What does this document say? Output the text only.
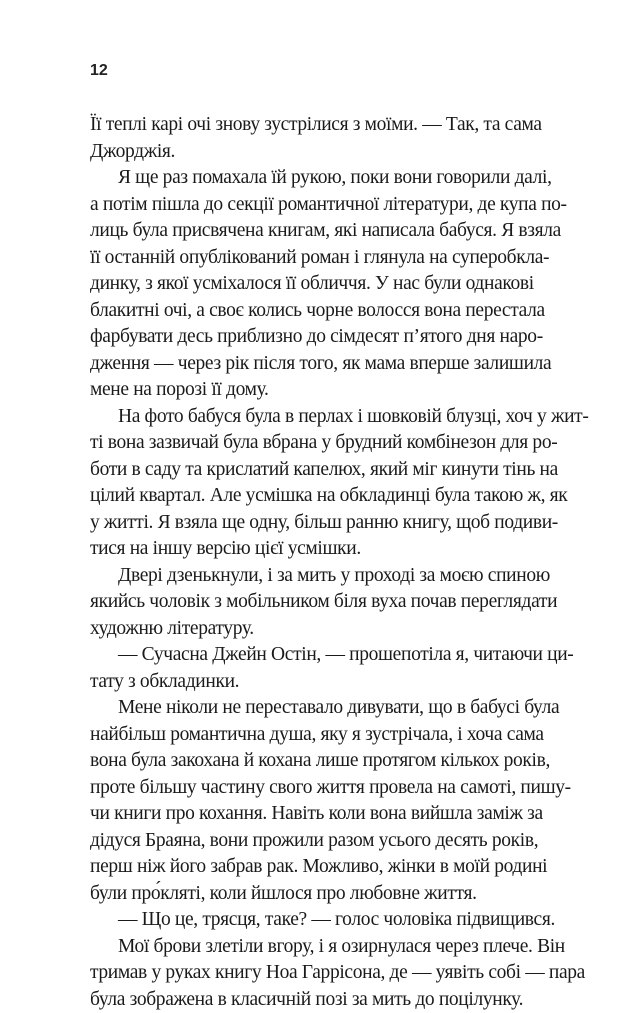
12
Її теплі карі очі знову зустрілися з моїми. — Так, та сама
Джорджія.
Я ще раз помахала їй рукою, поки вони говорили далі,
а потім пішла до секції романтичної літератури, де купа по-
лиць була присвячена книгам, які написала бабуся. Я взяла
її останній опублікований роман і глянула на суперобкла-
динку, з якої усміхалося її обличчя. У нас були однакові
блакитні очі, а своє колись чорне волосся вона перестала
фарбувати десь приблизно до сімдесят п’ятого дня наро-
дження — через рік після того, як мама вперше залишила
мене на порозі її дому.
На фото бабуся була в перлах і шовковій блузці, хоч у жит-
ті вона зазвичай була вбрана у брудний комбінезон для ро-
боти в саду та крислатий капелюх, який міг кинути тінь на
цілий квартал. Але усмішка на обкладинці була такою ж, як
у житті. Я взяла ще одну, більш ранню книгу, щоб подиви-
тися на іншу версію цієї усмішки.
Двері дзенькнули, і за мить у проході за моєю спиною
якийсь чоловік з мобільником біля вуха почав переглядати
художню літературу.
— Сучасна Джейн Остін, — прошепотіла я, читаючи ци-
тату з обкладинки.
Мене ніколи не переставало дивувати, що в бабусі була
найбільш романтична душа, яку я зустрічала, і хоча сама
вона була закохана й кохана лише протягом кількох років,
проте більшу частину свого життя провела на самоті, пишу-
чи книги про кохання. Навіть коли вона вийшла заміж за
дідуся Браяна, вони прожили разом усього десять років,
перш ніж його забрав рак. Можливо, жінки в моїй родині
були про́кляті, коли йшлося про любовне життя.
— Що це, трясця, таке? — голос чоловіка підвищився.
Мої брови злетіли вгору, і я озирнулася через плече. Він
тримав у руках книгу Ноа Гаррісона, де — уявіть собі — пара
була зображена в класичній позі за мить до поцілунку.
